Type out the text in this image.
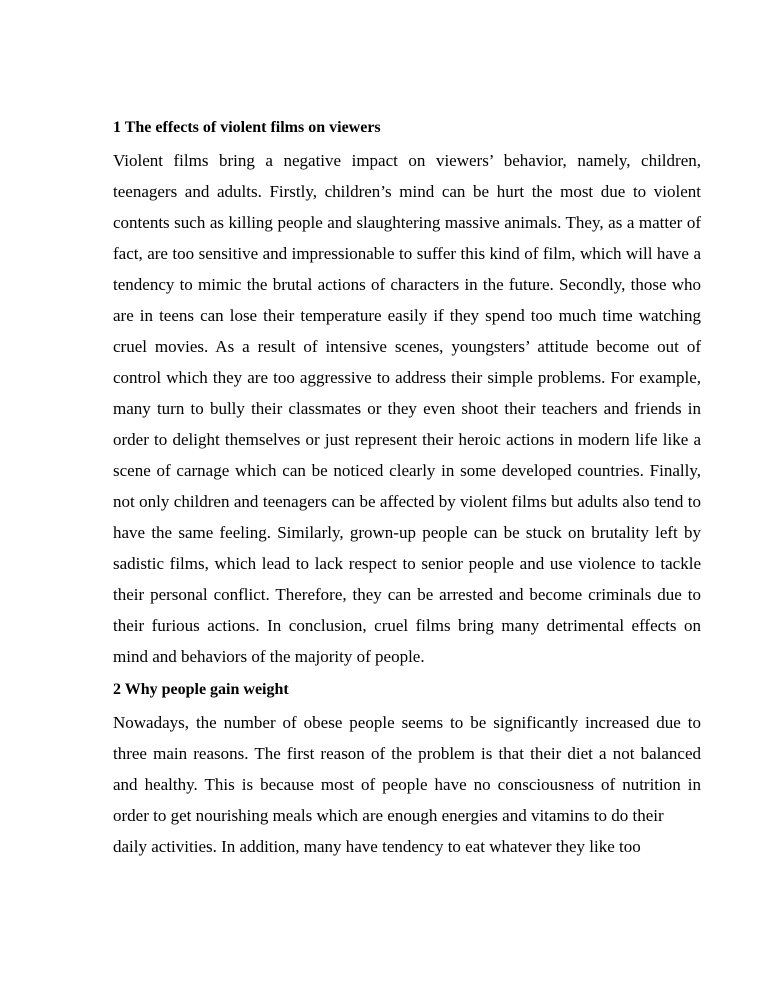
1 The effects of violent films on viewers

Violent films bring a negative impact on viewers’ behavior, namely, children, teenagers and adults. Firstly, children’s mind can be hurt the most due to violent contents such as killing people and slaughtering massive animals. They, as a matter of fact, are too sensitive and impressionable to suffer this kind of film, which will have a tendency to mimic the brutal actions of characters in the future. Secondly, those who are in teens can lose their temperature easily if they spend too much time watching cruel movies. As a result of intensive scenes, youngsters’ attitude become out of control which they are too aggressive to address their simple problems. For example, many turn to bully their classmates or they even shoot their teachers and friends in order to delight themselves or just represent their heroic actions in modern life like a scene of carnage which can be noticed clearly in some developed countries. Finally, not only children and teenagers can be affected by violent films but adults also tend to have the same feeling. Similarly, grown-up people can be stuck on brutality left by sadistic films, which lead to lack respect to senior people and use violence to tackle their personal conflict. Therefore, they can be arrested and become criminals due to their furious actions. In conclusion, cruel films bring many detrimental effects on mind and behaviors of the majority of people.

2 Why people gain weight

Nowadays, the number of obese people seems to be significantly increased due to three main reasons. The first reason of the problem is that their diet a not balanced and healthy. This is because most of people have no consciousness of nutrition in order to get nourishing meals which are enough energies and vitamins to do their

daily activities. In addition, many have tendency to eat whatever they like too
